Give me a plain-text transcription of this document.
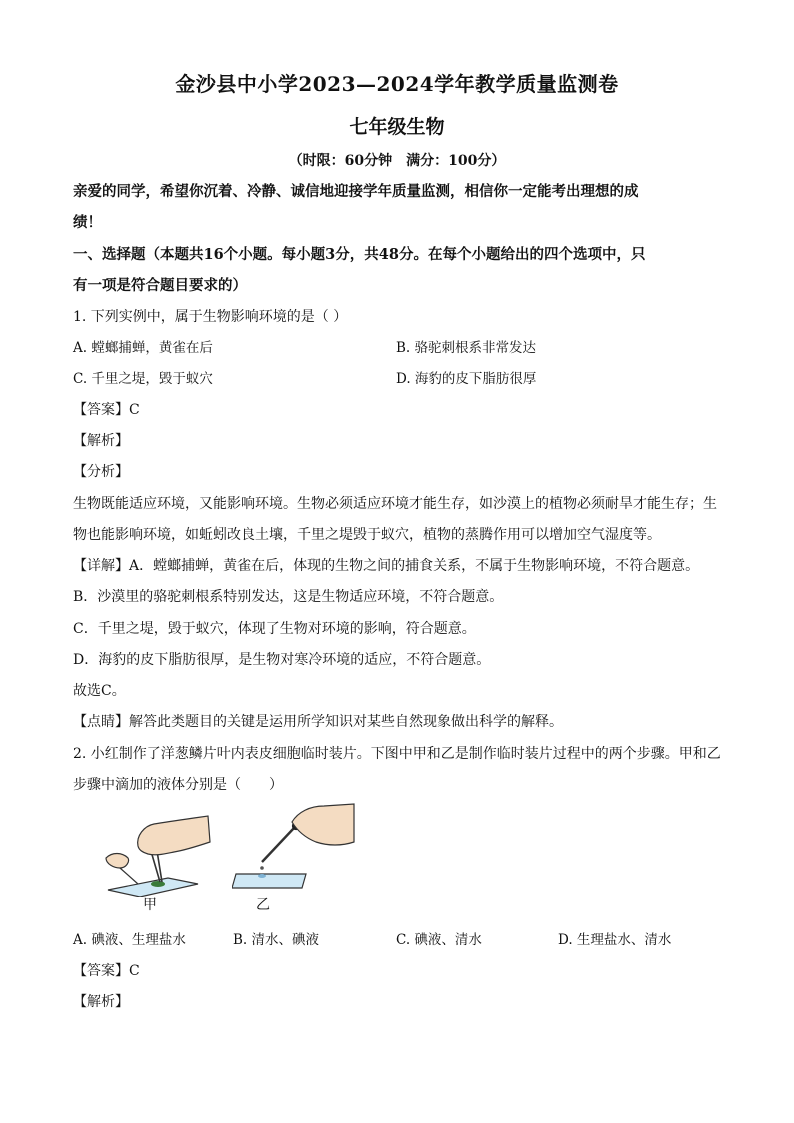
金沙县中小学2023—2024学年教学质量监测卷
七年级生物
（时限：60分钟　满分：100分）
亲爱的同学，希望你沉着、冷静、诚信地迎接学年质量监测，相信你一定能考出理想的成
绩！
一、选择题（本题共16个小题。每小题3分，共48分。在每个小题给出的四个选项中，只
有一项是符合题目要求的）
1. 下列实例中，属于生物影响环境的是（ ）
A. 螳螂捕蝉，黄雀在后	B. 骆驼刺根系非常发达
C. 千里之堤，毁于蚁穴	D. 海豹的皮下脂肪很厚
【答案】C
【解析】
【分析】
生物既能适应环境，又能影响环境。生物必须适应环境才能生存，如沙漠上的植物必须耐旱才能生存；生
物也能影响环境，如蚯蚓改良土壤，千里之堤毁于蚁穴，植物的蒸腾作用可以增加空气湿度等。
【详解】A．螳螂捕蝉，黄雀在后，体现的生物之间的捕食关系，不属于生物影响环境，不符合题意。
B．沙漠里的骆驼刺根系特别发达，这是生物适应环境，不符合题意。
C．千里之堤，毁于蚁穴，体现了生物对环境的影响，符合题意。
D．海豹的皮下脂肪很厚，是生物对寒冷环境的适应，不符合题意。
故选C。
【点睛】解答此类题目的关键是运用所学知识对某些自然现象做出科学的解释。
2. 小红制作了洋葱鳞片叶内表皮细胞临时装片。下图中甲和乙是制作临时装片过程中的两个步骤。甲和乙
步骤中滴加的液体分别是（　　）
甲	乙
A. 碘液、生理盐水	B. 清水、碘液	C. 碘液、清水	D. 生理盐水、清水
【答案】C
【解析】
